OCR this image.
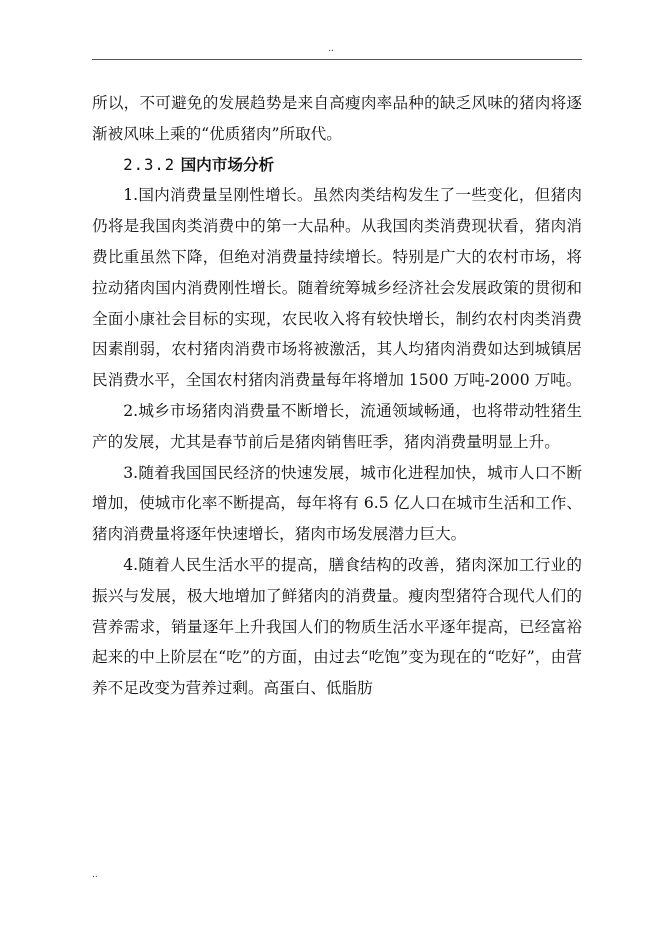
..

所以，不可避免的发展趋势是来自高瘦肉率品种的缺乏风味的猪肉将逐渐被风味上乘的“优质猪肉”所取代。

2.3.2 国内市场分析

1.国内消费量呈刚性增长。虽然肉类结构发生了一些变化，但猪肉仍将是我国肉类消费中的第一大品种。从我国肉类消费现状看，猪肉消费比重虽然下降，但绝对消费量持续增长。特别是广大的农村市场，将拉动猪肉国内消费刚性增长。随着统筹城乡经济社会发展政策的贯彻和全面小康社会目标的实现，农民收入将有较快增长，制约农村肉类消费因素削弱，农村猪肉消费市场将被激活，其人均猪肉消费如达到城镇居民消费水平，全国农村猪肉消费量每年将增加 1500 万吨-2000 万吨。

2.城乡市场猪肉消费量不断增长，流通领域畅通，也将带动牲猪生产的发展，尤其是春节前后是猪肉销售旺季，猪肉消费量明显上升。

3.随着我国国民经济的快速发展，城市化进程加快，城市人口不断增加，使城市化率不断提高，每年将有 6.5 亿人口在城市生活和工作、猪肉消费量将逐年快速增长，猪肉市场发展潜力巨大。

4.随着人民生活水平的提高，膳食结构的改善，猪肉深加工行业的振兴与发展，极大地增加了鲜猪肉的消费量。瘦肉型猪符合现代人们的营养需求，销量逐年上升我国人们的物质生活水平逐年提高，已经富裕起来的中上阶层在“吃”的方面，由过去“吃饱”变为现在的“吃好”，由营养不足改变为营养过剩。高蛋白、低脂肪

..
